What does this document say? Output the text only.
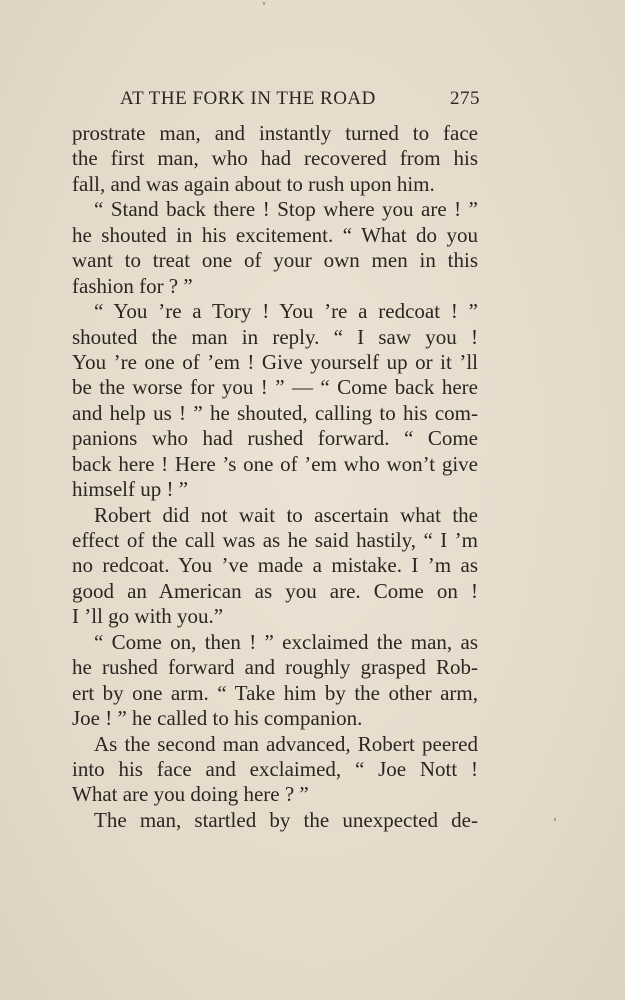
AT THE FORK IN THE ROAD	275
prostrate man, and instantly turned to face
the first man, who had recovered from his
fall, and was again about to rush upon him.
“ Stand back there ! Stop where you are ! ”
he shouted in his excitement. “ What do you
want to treat one of your own men in this
fashion for ? ”
“ You ’re a Tory ! You ’re a redcoat ! ”
shouted the man in reply. “ I saw you !
You ’re one of ’em ! Give yourself up or it ’ll
be the worse for you ! ” — “ Come back here
and help us ! ” he shouted, calling to his com-
panions who had rushed forward. “ Come
back here ! Here ’s one of ’em who won’t give
himself up ! ”
Robert did not wait to ascertain what the
effect of the call was as he said hastily, “ I ’m
no redcoat. You ’ve made a mistake. I ’m as
good an American as you are. Come on !
I ’ll go with you.”
“ Come on, then ! ” exclaimed the man, as
he rushed forward and roughly grasped Rob-
ert by one arm. “ Take him by the other arm,
Joe ! ” he called to his companion.
As the second man advanced, Robert peered
into his face and exclaimed, “ Joe Nott !
What are you doing here ? ”
The man, startled by the unexpected de-
